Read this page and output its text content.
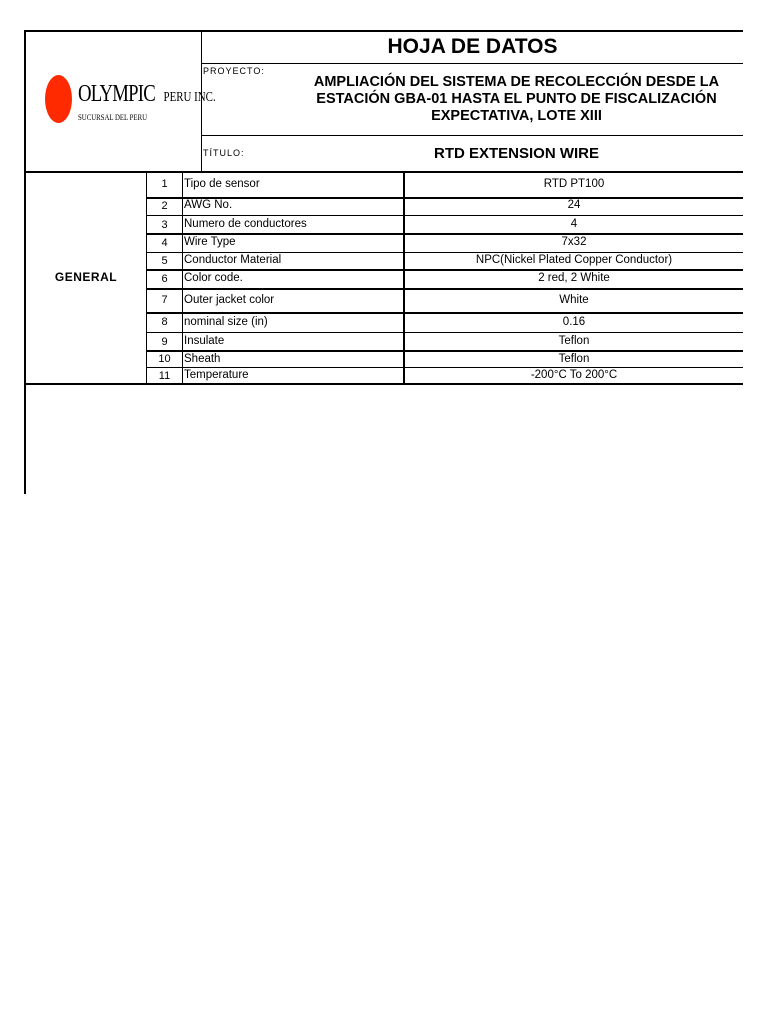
OLYMPIC PERU INC.
SUCURSAL DEL PERU
HOJA DE DATOS
PROYECTO:
AMPLIACIÓN DEL SISTEMA DE RECOLECCIÓN DESDE LA ESTACIÓN GBA-01 HASTA EL PUNTO DE FISCALIZACIÓN EXPECTATIVA, LOTE XIII
TÍTULO:	RTD EXTENSION WIRE
GENERAL
1	Tipo de sensor	RTD PT100
2	AWG No.	24
3	Numero de conductores	4
4	Wire Type	7x32
5	Conductor Material	NPC(Nickel Plated Copper Conductor)
6	Color code.	2 red, 2 White
7	Outer jacket color	White
8	nominal size (in)	0.16
9	Insulate	Teflon
10	Sheath	Teflon
11	Temperature	-200°C To 200°C
